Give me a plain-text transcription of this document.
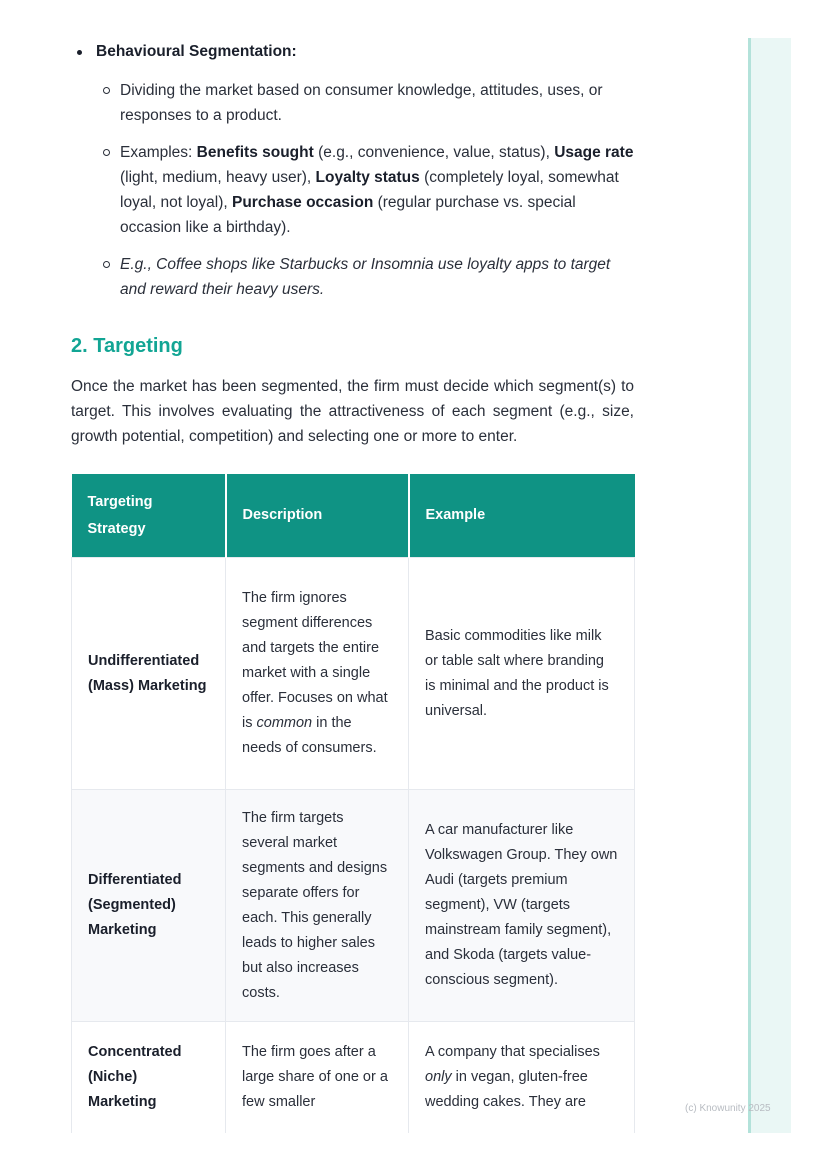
Behavioural Segmentation:
Dividing the market based on consumer knowledge, attitudes, uses, or responses to a product.
Examples: Benefits sought (e.g., convenience, value, status), Usage rate (light, medium, heavy user), Loyalty status (completely loyal, somewhat loyal, not loyal), Purchase occasion (regular purchase vs. special occasion like a birthday).
E.g., Coffee shops like Starbucks or Insomnia use loyalty apps to target and reward their heavy users.
2. Targeting

Once the market has been segmented, the firm must decide which segment(s) to target. This involves evaluating the attractiveness of each segment (e.g., size, growth potential, competition) and selecting one or more to enter.

Targeting Strategy	Description	Example
Undifferentiated (Mass) Marketing	The firm ignores segment differences and targets the entire market with a single offer. Focuses on what is common in the needs of consumers.	Basic commodities like milk or table salt where branding is minimal and the product is universal.
Differentiated (Segmented) Marketing	The firm targets several market segments and designs separate offers for each. This generally leads to higher sales but also increases costs.	A car manufacturer like Volkswagen Group. They own Audi (targets premium segment), VW (targets mainstream family segment), and Skoda (targets value-conscious segment).
Concentrated (Niche) Marketing	The firm goes after a large share of one or a few smaller	A company that specialises only in vegan, gluten-free wedding cakes. They are	(c) Knowunity 2025
